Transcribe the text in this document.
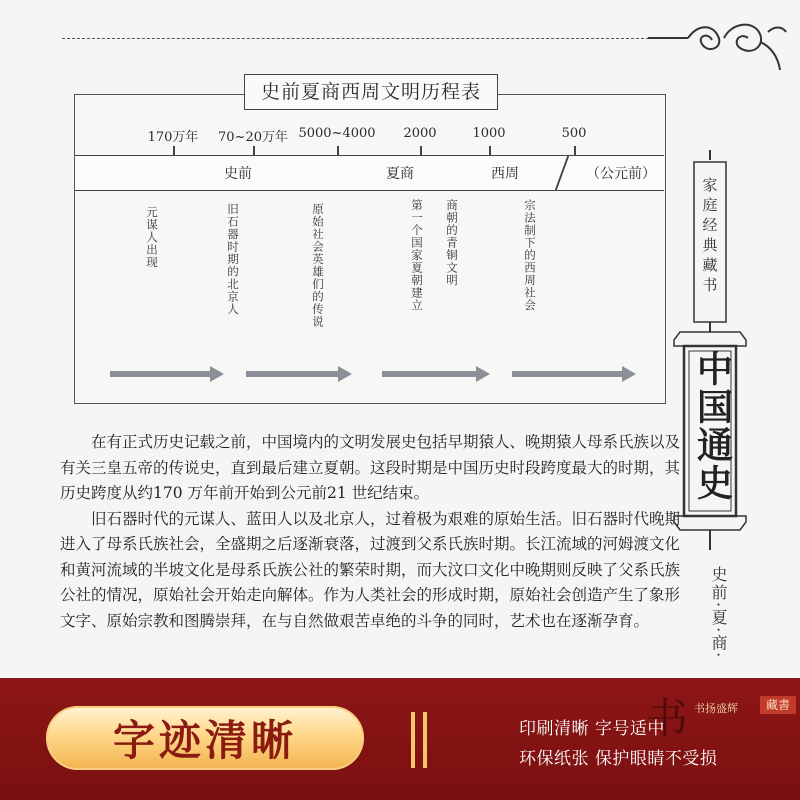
史前夏商西周文明历程表
170万年 70~20万年 5000~4000 2000	1000	500
史前	夏商	西周	（公元前）
元谋人出现	旧石器时期的北京人	原始社会英雄们的传说	第一个国家夏朝建立 商朝的青铜文明	宗法制下的西周社会

在有正式历史记载之前，中国境内的文明发展史包括早期猿人、晚期猿人母系氏族以及有关三皇五帝的传说史，直到最后建立夏朝。这段时期是中国历史时段跨度最大的时期，其历史跨度从约170 万年前开始到公元前21 世纪结束。

旧石器时代的元谋人、蓝田人以及北京人，过着极为艰难的原始生活。旧石器时代晚期进入了母系氏族社会，全盛期之后逐渐衰落，过渡到父系氏族时期。长江流域的河姆渡文化和黄河流域的半坡文化是母系氏族公社的繁荣时期，而大汶口文化中晚期则反映了父系氏族公社的情况，原始社会开始走向解体。作为人类社会的形成时期，原始社会创造产生了象形文字、原始宗教和图腾崇拜，在与自然做艰苦卓绝的斗争的同时，艺术也在逐渐孕育。

家庭经典藏书
中国通史
史前·夏·商·
字迹清晰	印刷清晰 字号适中
环保纸张 保护眼睛不受损
书 书扬盛辉	藏書
